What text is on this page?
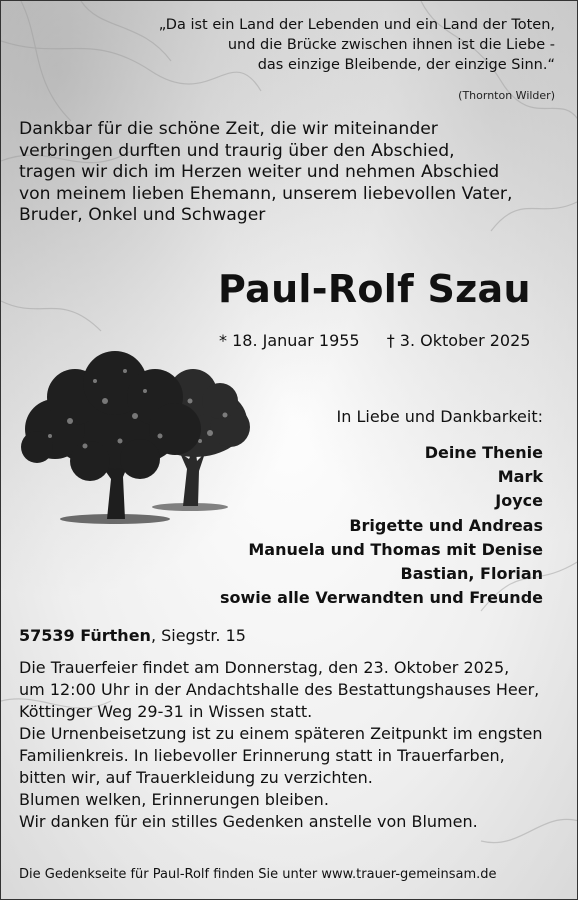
„Da ist ein Land der Lebenden und ein Land der Toten,
und die Brücke zwischen ihnen ist die Liebe -
das einzige Bleibende, der einzige Sinn.“
(Thornton Wilder)
Dankbar für die schöne Zeit, die wir miteinander
verbringen durften und traurig über den Abschied,
tragen wir dich im Herzen weiter und nehmen Abschied
von meinem lieben Ehemann, unserem liebevollen Vater,
Bruder, Onkel und Schwager
Paul-Rolf Szau
* 18. Januar 1955 † 3. Oktober 2025
In Liebe und Dankbarkeit:
Deine Thenie
Mark
Joyce
Brigette und Andreas
Manuela und Thomas mit Denise
Bastian, Florian
sowie alle Verwandten und Freunde
57539 Fürthen, Siegstr. 15
Die Trauerfeier findet am Donnerstag, den 23. Oktober 2025,
um 12:00 Uhr in der Andachtshalle des Bestattungshauses Heer,
Köttinger Weg 29-31 in Wissen statt.
Die Urnenbeisetzung ist zu einem späteren Zeitpunkt im engsten
Familienkreis. In liebevoller Erinnerung statt in Trauerfarben,
bitten wir, auf Trauerkleidung zu verzichten.
Blumen welken, Erinnerungen bleiben.
Wir danken für ein stilles Gedenken anstelle von Blumen.
Die Gedenkseite für Paul-Rolf finden Sie unter www.trauer-gemeinsam.de
